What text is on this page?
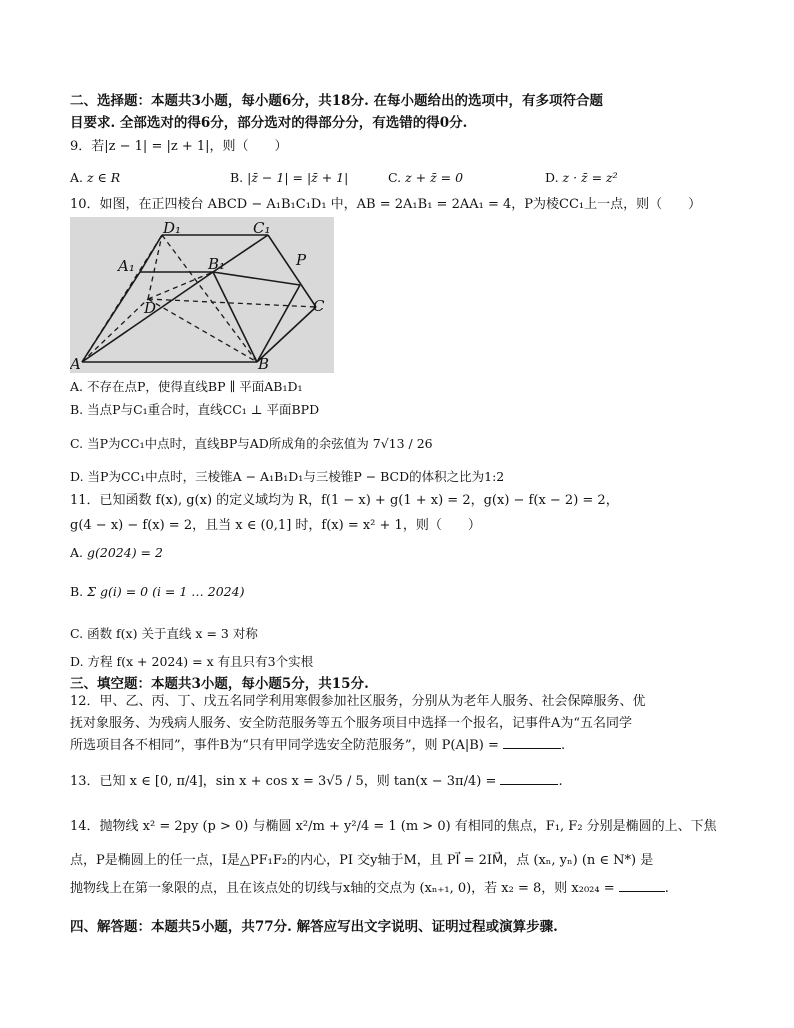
二、选择题：本题共3小题，每小题6分，共18分. 在每小题给出的选项中，有多项符合题
目要求. 全部选对的得6分，部分选对的得部分分，有选错的得0分.
9．若|z − 1| = |z + 1|，则（　　）
A. z ∈ R	B. |z̄ − 1| = |z̄ + 1|	C. z + z̄ = 0	D. z · z̄ = z²
10．如图，在正四棱台 ABCD − A₁B₁C₁D₁ 中，AB = 2A₁B₁ = 2AA₁ = 4，P为棱CC₁上一点，则（　　）
A	B
C
D
A₁	B₁
C₁
D₁
P
A. 不存在点P，使得直线BP ∥ 平面AB₁D₁
B. 当点P与C₁重合时，直线CC₁ ⊥ 平面BPD
C. 当P为CC₁中点时，直线BP与AD所成角的余弦值为 7√13 / 26
D. 当P为CC₁中点时，三棱锥A − A₁B₁D₁与三棱锥P − BCD的体积之比为1:2
11．已知函数 f(x), g(x) 的定义域均为 R，f(1 − x) + g(1 + x) = 2，g(x) − f(x − 2) = 2，
g(4 − x) − f(x) = 2，且当 x ∈ (0,1] 时，f(x) = x² + 1，则（　　）
A. g(2024) = 2
B. Σ g(i) = 0 (i = 1 … 2024)
C. 函数 f(x) 关于直线 x = 3 对称
D. 方程 f(x + 2024) = x 有且只有3个实根
三、填空题：本题共3小题，每小题5分，共15分.
12．甲、乙、丙、丁、戊五名同学利用寒假参加社区服务，分别从为老年人服务、社会保障服务、优
抚对象服务、为残病人服务、安全防范服务等五个服务项目中选择一个报名，记事件A为“五名同学
所选项目各不相同”，事件B为“只有甲同学选安全防范服务”，则 P(A|B) =	.
13．已知 x ∈ [0, π/4]，sin x + cos x = 3√5 / 5，则 tan(x − 3π/4) =	.
14．抛物线 x² = 2py (p > 0) 与椭圆 x²/m + y²/4 = 1 (m > 0) 有相同的焦点，F₁, F₂ 分别是椭圆的上、下焦
点，P是椭圆上的任一点，I是△PF₁F₂的内心，PI 交y轴于M，且 PI⃗ = 2IM⃗，点 (xₙ, yₙ) (n ∈ N*) 是
抛物线上在第一象限的点，且在该点处的切线与x轴的交点为 (xₙ₊₁, 0)，若 x₂ = 8，则 x₂₀₂₄ =	.
四、解答题：本题共5小题，共77分. 解答应写出文字说明、证明过程或演算步骤.
